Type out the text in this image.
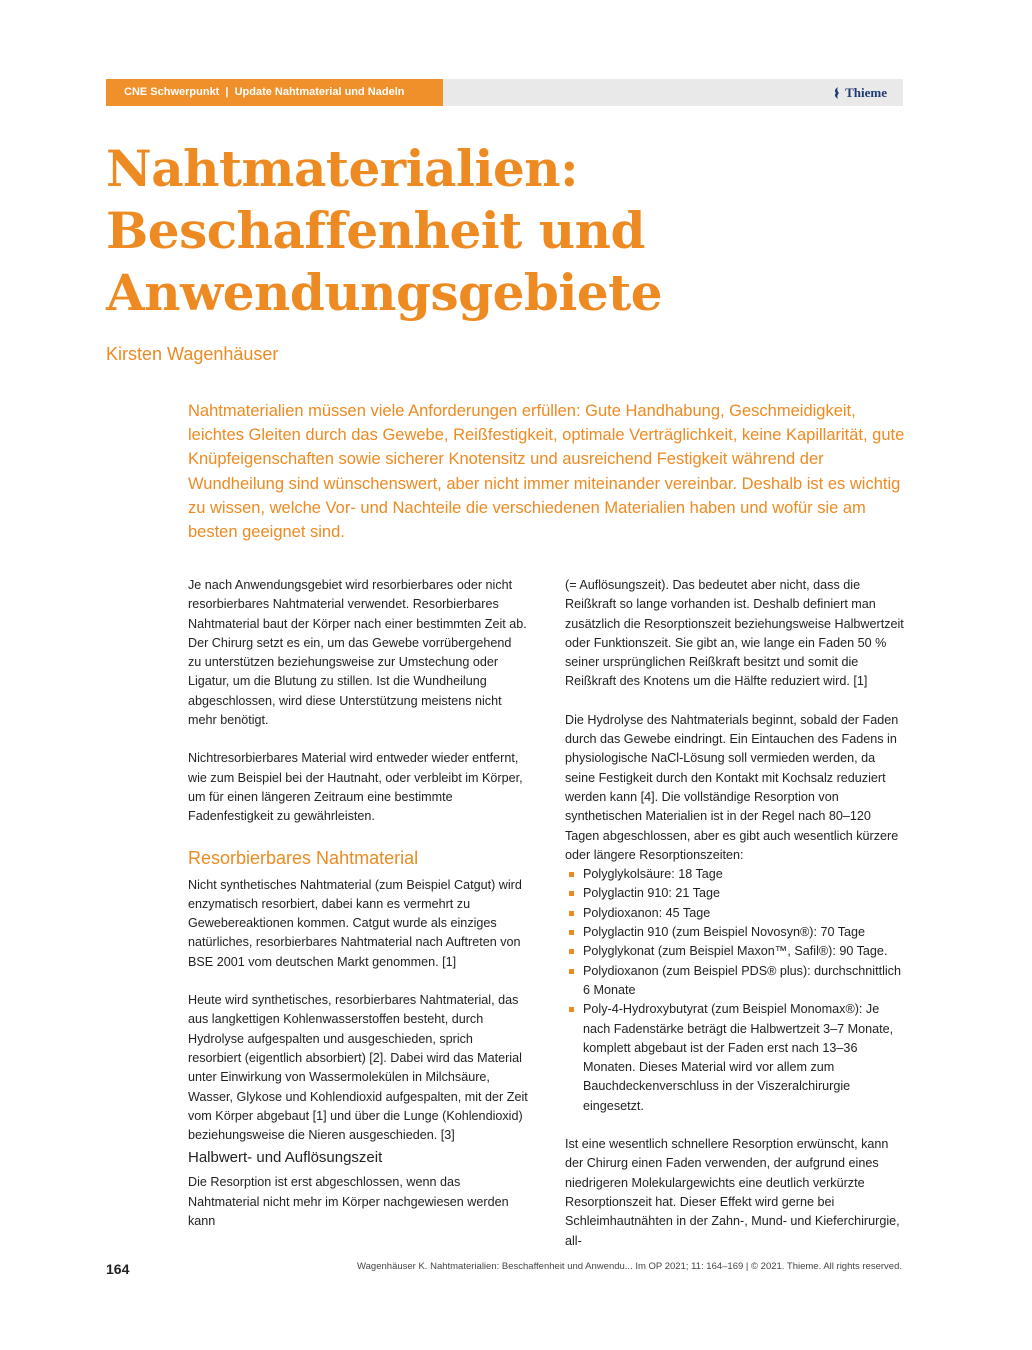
CNE Schwerpunkt | Update Nahtmaterial und Nadeln	Thieme
Nahtmaterialien:
Beschaffenheit und
Anwendungsgebiete
Kirsten Wagenhäuser
Nahtmaterialien müssen viele Anforderungen erfüllen: Gute Handhabung, Geschmeidigkeit, leichtes Gleiten durch das Gewebe, Reißfestigkeit, optimale Verträglichkeit, keine Kapillarität, gute Knüpfeigenschaften sowie sicherer Knotensitz und ausreichend Festigkeit während der Wundheilung sind wünschenswert, aber nicht immer miteinander vereinbar. Deshalb ist es wichtig zu wissen, welche Vor- und Nachteile die verschiedenen Materialien haben und wofür sie am besten geeignet sind.

Je nach Anwendungsgebiet wird resorbierbares oder nicht resorbierbares Nahtmaterial verwendet. Resorbierbares Nahtmaterial baut der Körper nach einer bestimmten Zeit ab. Der Chirurg setzt es ein, um das Gewebe vorrübergehend zu unterstützen beziehungsweise zur Umstechung oder Ligatur, um die Blutung zu stillen. Ist die Wundheilung abgeschlossen, wird diese Unterstützung meistens nicht mehr benötigt.

Nichtresorbierbares Material wird entweder wieder entfernt, wie zum Beispiel bei der Hautnaht, oder verbleibt im Körper, um für einen längeren Zeitraum eine bestimmte Fadenfestigkeit zu gewährleisten.

Resorbierbares Nahtmaterial

Nicht synthetisches Nahtmaterial (zum Beispiel Catgut) wird enzymatisch resorbiert, dabei kann es vermehrt zu Gewebereaktionen kommen. Catgut wurde als einziges natürliches, resorbierbares Nahtmaterial nach Auftreten von BSE 2001 vom deutschen Markt genommen. [1]

Heute wird synthetisches, resorbierbares Nahtmaterial, das aus langkettigen Kohlenwasserstoffen besteht, durch Hydrolyse aufgespalten und ausgeschieden, sprich resorbiert (eigentlich absorbiert) [2]. Dabei wird das Material unter Einwirkung von Wassermolekülen in Milchsäure, Wasser, Glykose und Kohlendioxid aufgespalten, mit der Zeit vom Körper abgebaut [1] und über die Lunge (Kohlendioxid) beziehungsweise die Nieren ausgeschieden. [3]

Halbwert- und Auflösungszeit

Die Resorption ist erst abgeschlossen, wenn das Nahtmaterial nicht mehr im Körper nachgewiesen werden kann

(= Auflösungszeit). Das bedeutet aber nicht, dass die Reißkraft so lange vorhanden ist. Deshalb definiert man zusätzlich die Resorptionszeit beziehungsweise Halbwertzeit oder Funktionszeit. Sie gibt an, wie lange ein Faden 50 % seiner ursprünglichen Reißkraft besitzt und somit die Reißkraft des Knotens um die Hälfte reduziert wird. [1]

Die Hydrolyse des Nahtmaterials beginnt, sobald der Faden durch das Gewebe eindringt. Ein Eintauchen des Fadens in physiologische NaCl-Lösung soll vermieden werden, da seine Festigkeit durch den Kontakt mit Kochsalz reduziert werden kann [4]. Die vollständige Resorption von synthetischen Materialien ist in der Regel nach 80–120 Tagen abgeschlossen, aber es gibt auch wesentlich kürzere oder längere Resorptionszeiten:

Polyglykolsäure: 18 Tage
Polyglactin 910: 21 Tage
Polydioxanon: 45 Tage
Polyglactin 910 (zum Beispiel Novosyn®): 70 Tage
Polyglykonat (zum Beispiel Maxon™, Safil®): 90 Tage.
Polydioxanon (zum Beispiel PDS® plus): durchschnittlich 6 Monate
Poly-4-Hydroxybutyrat (zum Beispiel Monomax®): Je nach Fadenstärke beträgt die Halbwertzeit 3–7 Monate, komplett abgebaut ist der Faden erst nach 13–36 Monaten. Dieses Material wird vor allem zum Bauchdeckenverschluss in der Viszeralchirurgie eingesetzt.

Ist eine wesentlich schnellere Resorption erwünscht, kann der Chirurg einen Faden verwenden, der aufgrund eines niedrigeren Molekulargewichts eine deutlich verkürzte Resorptionszeit hat. Dieser Effekt wird gerne bei Schleimhautnähten in der Zahn-, Mund- und Kieferchirurgie, all-

164	Wagenhäuser K. Nahtmaterialien: Beschaffenheit und Anwendu... Im OP 2021; 11: 164–169 | © 2021. Thieme. All rights reserved.
